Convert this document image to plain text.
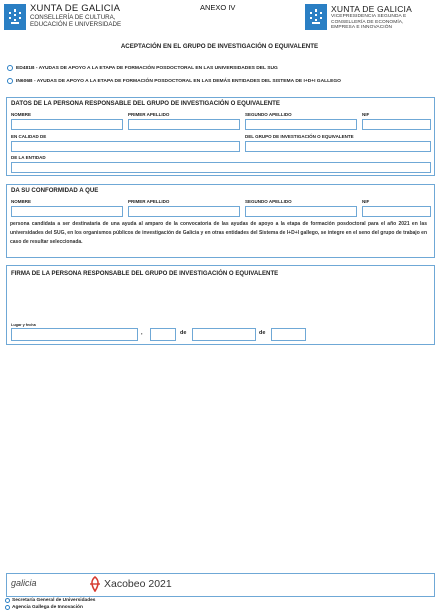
XUNTA DE GALICIA
CONSELLERÍA DE CULTURA,
EDUCACIÓN E UNIVERSIDADE
ANEXO IV	XUNTA DE GALICIA
VICEPRESIDENCIA SEGUNDA E
CONSELLERÍA DE ECONOMÍA,
EMPRESA E INNOVACIÓN
ACEPTACIÓN EN EL GRUPO DE INVESTIGACIÓN O EQUIVALENTE
ED481B - AYUDAS DE APOYO A LA ETAPA DE FORMACIÓN POSDOCTORAL EN LAS UNIVERSIDADES DEL SUG
IN606B - AYUDAS DE APOYO A LA ETAPA DE FORMACIÓN POSDOCTORAL EN LAS DEMÁS ENTIDADES DEL SISTEMA DE I+D+I GALLEGO
DATOS DE LA PERSONA RESPONSABLE DEL GRUPO DE INVESTIGACIÓN O EQUIVALENTE
NOMBRE	PRIMER APELLIDO	SEGUNDO APELLIDO	NIF
EN CALIDAD DE	DEL GRUPO DE INVESTIGACIÓN O EQUIVALENTE
DE LA ENTIDAD
DA SU CONFORMIDAD A QUE
NOMBRE	PRIMER APELLIDO	SEGUNDO APELLIDO	NIF
persona candidata a ser destinataria de una ayuda al amparo de la convocatoria de las ayudas de apoyo a la etapa de formación posdoctoral para el año 2021 en las universidades del SUG, en los organismos públicos de investigación de Galicia y en otras entidades del Sistema de I+D+I gallego, se integre en el seno del grupo de trabajo en caso de resultar seleccionada.
FIRMA DE LA PERSONA RESPONSABLE DEL GRUPO DE INVESTIGACIÓN O EQUIVALENTE
Lugar y fecha
,	de	de
galicia	Xacobeo 2021
Secretaría General de Universidades
Agencia Gallega de Innovación
